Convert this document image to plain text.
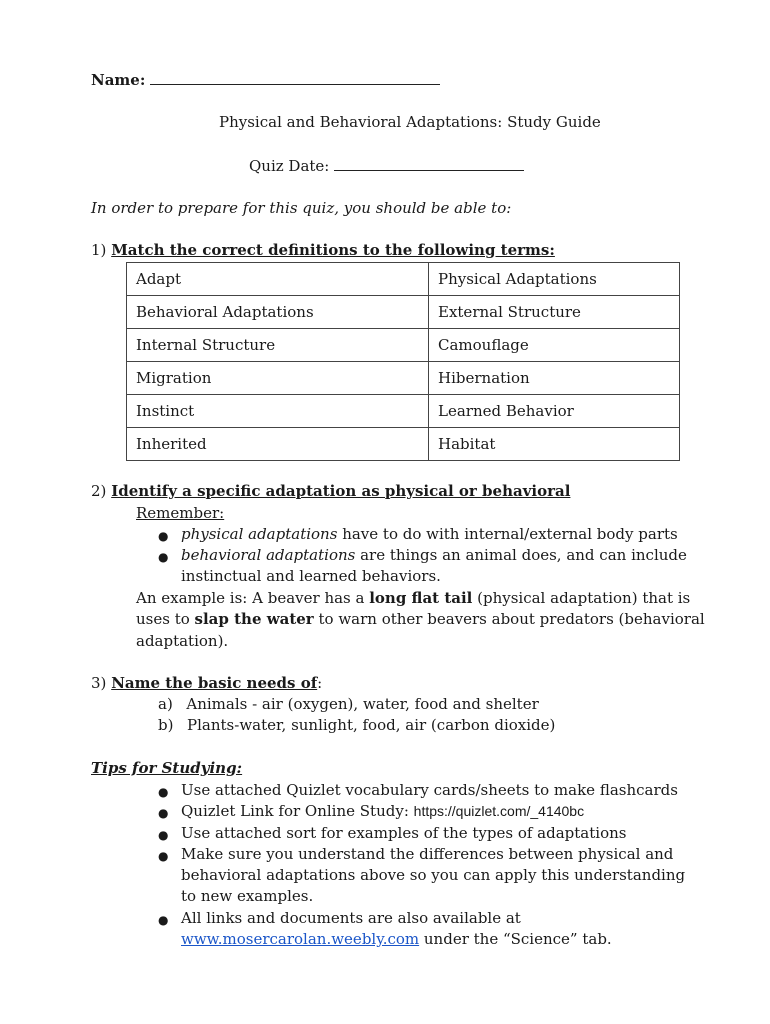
Name:
Physical and Behavioral Adaptations: Study Guide
Quiz Date:
In order to prepare for this quiz, you should be able to:
1) Match the correct definitions to the following terms:
Adapt	Physical Adaptations
Behavioral Adaptations	External Structure
Internal Structure	Camouflage
Migration	Hibernation
Instinct	Learned Behavior
Inherited	Habitat
2) Identify a specific adaptation as physical or behavioral
Remember:
● physical adaptations have to do with internal/external body parts
● behavioral adaptations are things an animal does, and can include
instinctual and learned behaviors.
An example is: A beaver has a long flat tail (physical adaptation) that is
uses to slap the water to warn other beavers about predators (behavioral
adaptation).
3) Name the basic needs of:
a) Animals - air (oxygen), water, food and shelter
b) Plants-water, sunlight, food, air (carbon dioxide)
Tips for Studying:
● Use attached Quizlet vocabulary cards/sheets to make flashcards
● Quizlet Link for Online Study: https://quizlet.com/_4140bc
● Use attached sort for examples of the types of adaptations
● Make sure you understand the differences between physical and
behavioral adaptations above so you can apply this understanding
to new examples.
● All links and documents are also available at
www.mosercarolan.weebly.com under the “Science” tab.
